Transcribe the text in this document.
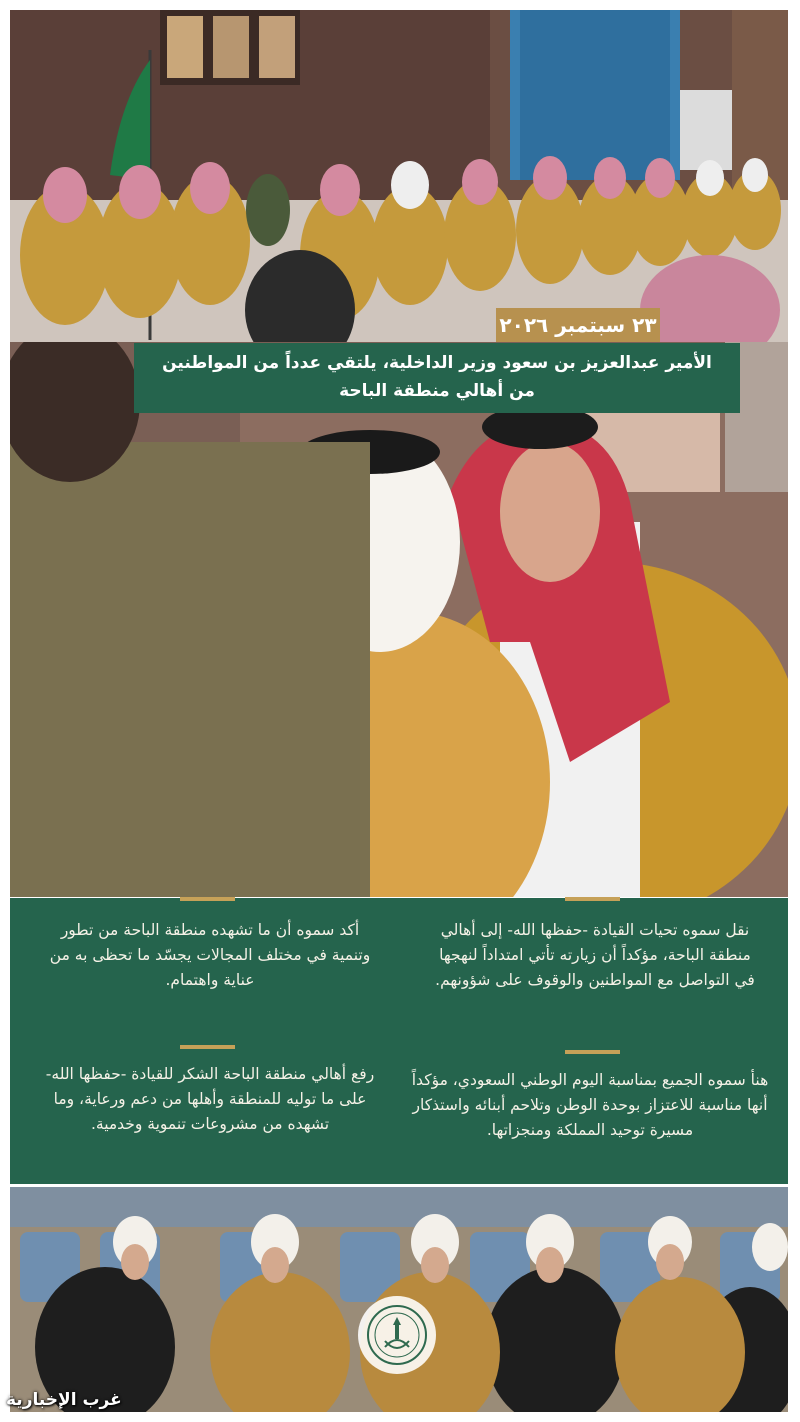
٢٣ سبتمبر ٢٠٢٦
الأمير عبدالعزيز بن سعود وزير الداخلية، يلتقي عدداً من المواطنين
من أهالي منطقة الباحة
نقل سموه تحيات القيادة -حفظها الله- إلى أهالي منطقة الباحة، مؤكداً أن زيارته تأتي امتداداً لنهجها في التواصل مع المواطنين والوقوف على شؤونهم.
أكد سموه أن ما تشهده منطقة الباحة من تطور وتنمية في مختلف المجالات يجسّد ما تحظى به من عناية واهتمام.
هنأ سموه الجميع بمناسبة اليوم الوطني السعودي، مؤكداً أنها مناسبة للاعتزاز بوحدة الوطن وتلاحم أبنائه واستذكار مسيرة توحيد المملكة ومنجزاتها.
رفع أهالي منطقة الباحة الشكر للقيادة -حفظها الله- على ما توليه للمنطقة وأهلها من دعم ورعاية، وما تشهده من مشروعات تنموية وخدمية.
غرب الإخبارية
